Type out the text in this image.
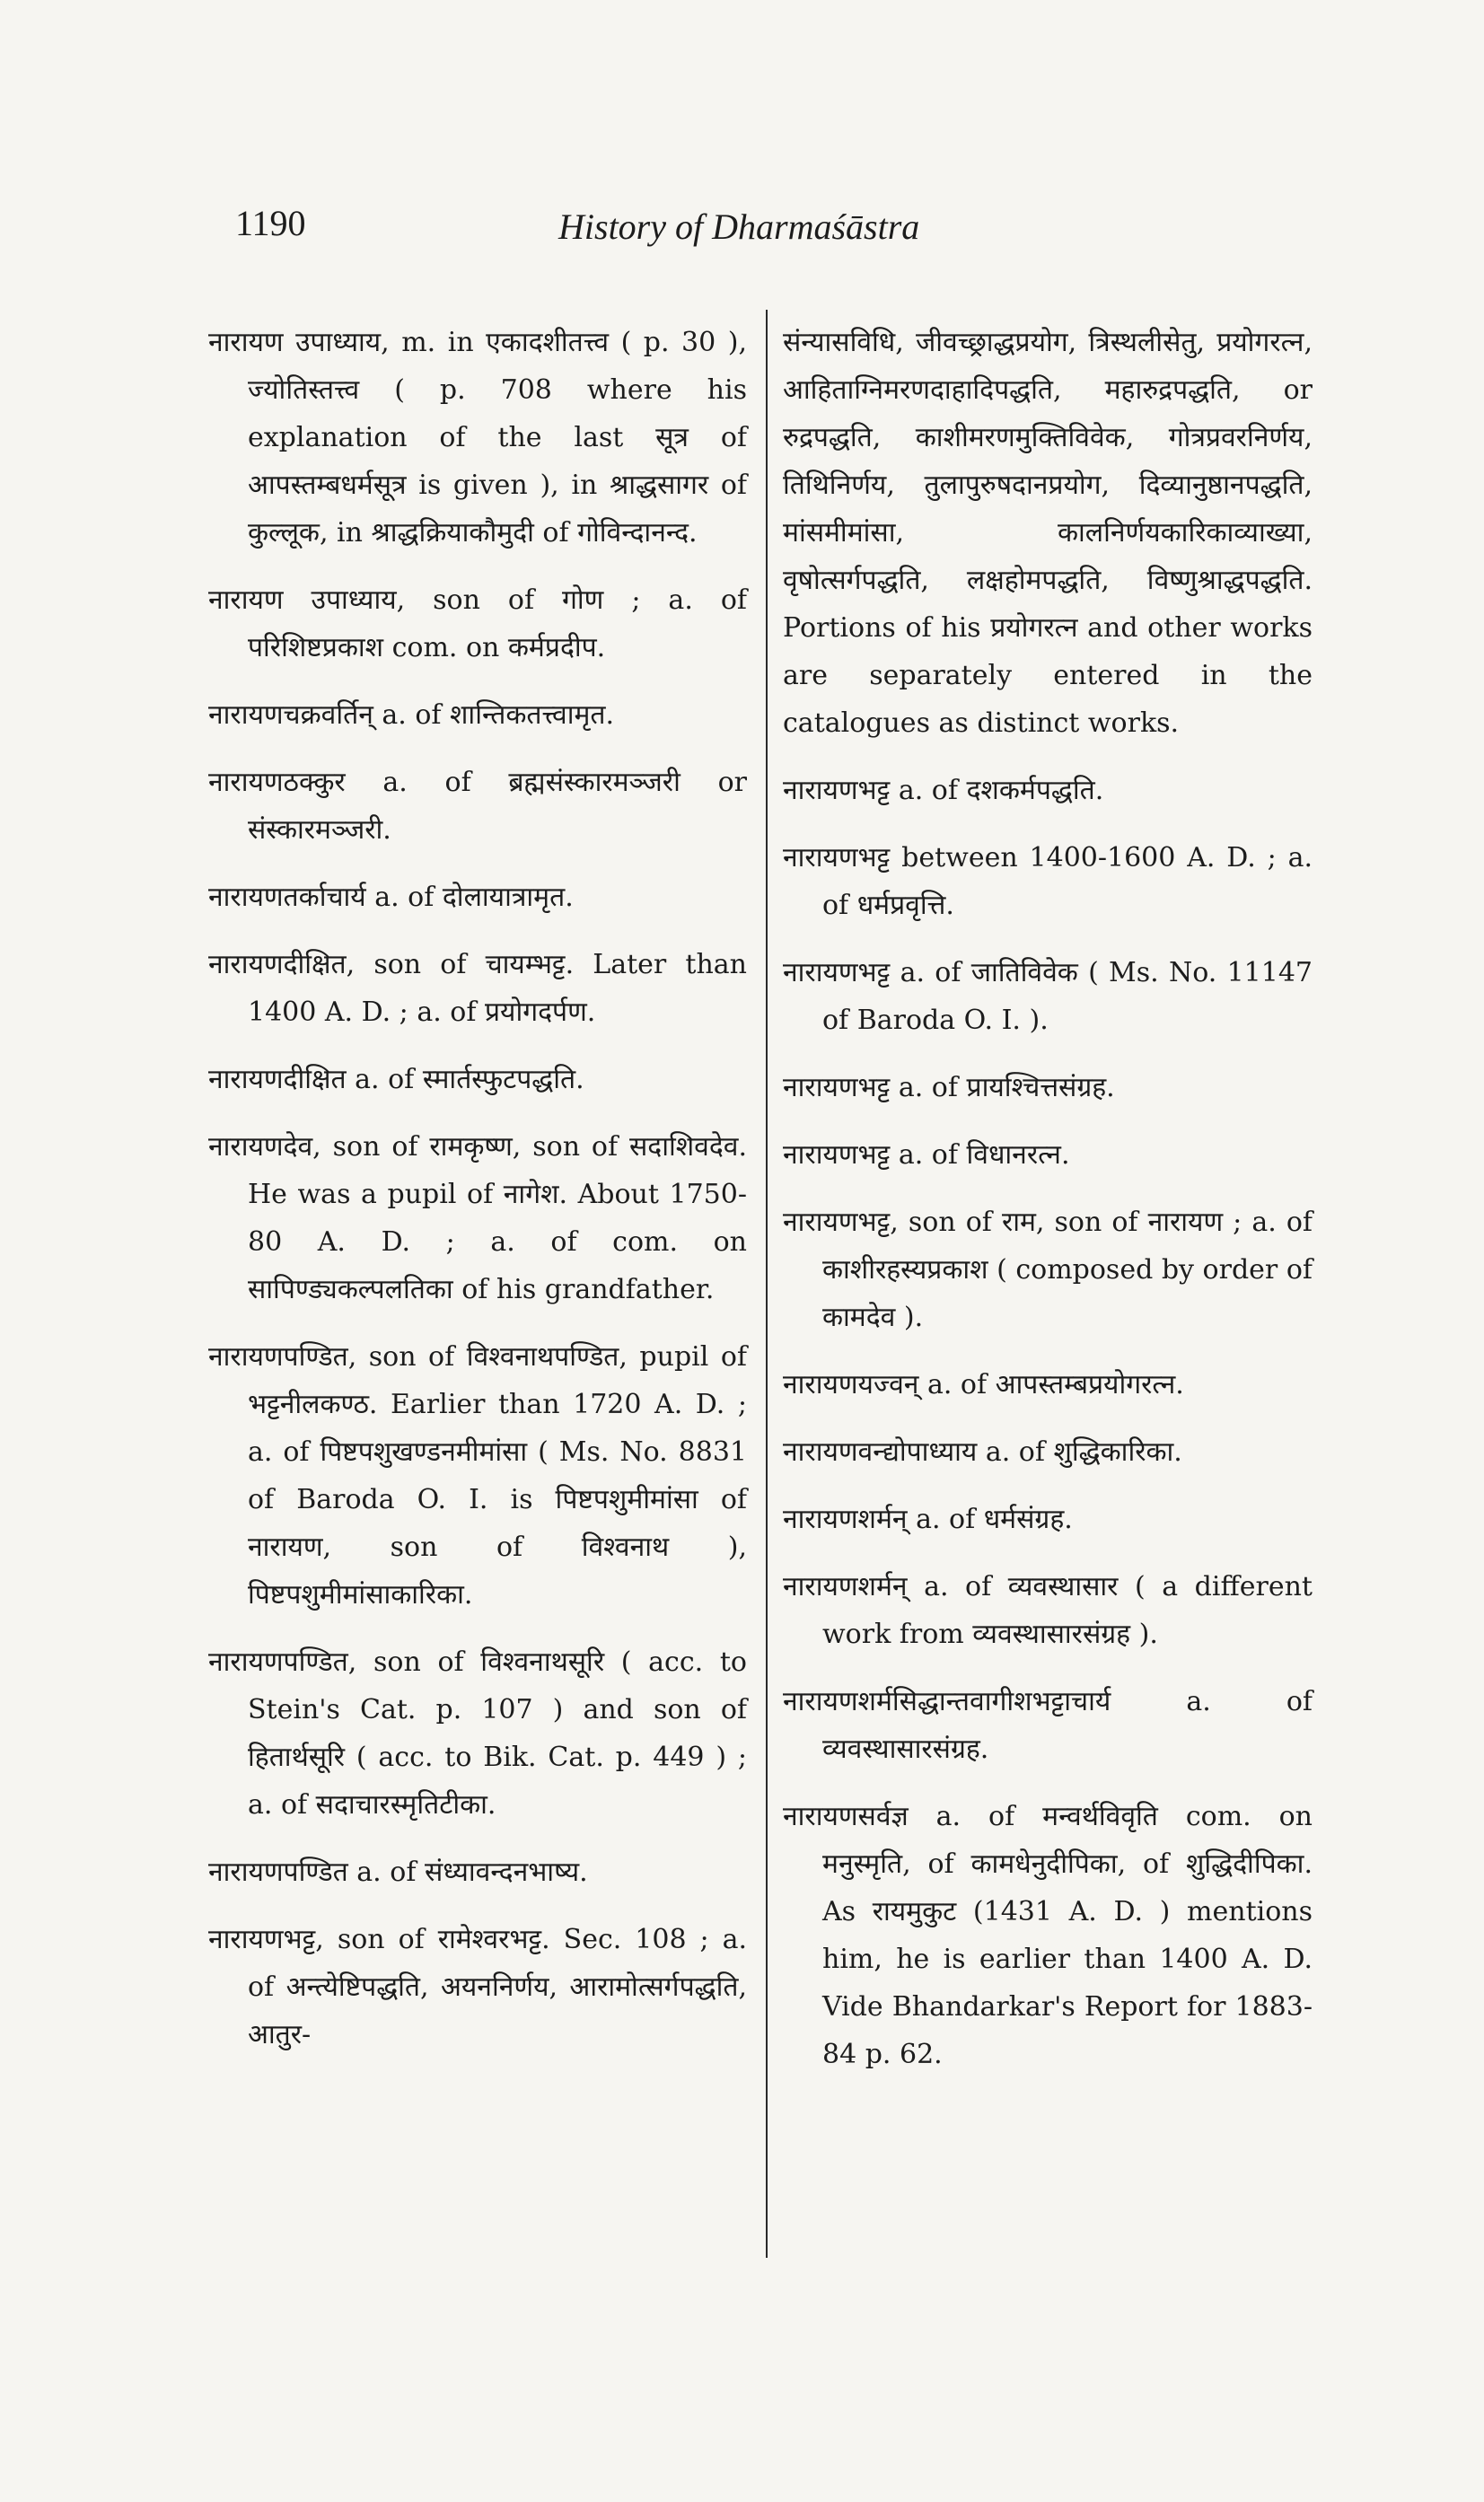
1190	History of Dharmaśāstra

नारायण उपाध्याय, m. in एकादशीतत्त्व ( p. 30 ), ज्योतिस्तत्त्व ( p. 708 where his explanation of the last सूत्र of आपस्तम्बधर्मसूत्र is given ), in श्राद्धसागर of कुल्लूक, in श्राद्धक्रियाकौमुदी of गोविन्दानन्द.

नारायण उपाध्याय, son of गोण ; a. of परिशिष्टप्रकाश com. on कर्मप्रदीप.

नारायणचक्रवर्तिन् a. of शान्तिकतत्त्वामृत.

नारायणठक्कुर a. of ब्रह्मसंस्कारमञ्जरी or संस्कारमञ्जरी.

नारायणतर्काचार्य a. of दोलायात्रामृत.

नारायणदीक्षित, son of चायम्भट्ट. Later than 1400 A. D. ; a. of प्रयोगदर्पण.

नारायणदीक्षित a. of स्मार्तस्फुटपद्धति.

नारायणदेव, son of रामकृष्ण, son of सदाशिवदेव. He was a pupil of नागेश. About 1750-80 A. D. ; a. of com. on सापिण्ड्यकल्पलतिका of his grandfather.

नारायणपण्डित, son of विश्वनाथपण्डित, pupil of भट्टनीलकण्ठ. Earlier than 1720 A. D. ; a. of पिष्टपशुखण्डनमीमांसा ( Ms. No. 8831 of Baroda O. I. is पिष्टपशुमीमांसा of नारायण, son of विश्वनाथ ), पिष्टपशुमीमांसाकारिका.

नारायणपण्डित, son of विश्वनाथसूरि ( acc. to Stein's Cat. p. 107 ) and son of हितार्थसूरि ( acc. to Bik. Cat. p. 449 ) ; a. of सदाचारस्मृतिटीका.

नारायणपण्डित a. of संध्यावन्दनभाष्य.

नारायणभट्ट, son of रामेश्वरभट्ट. Sec. 108 ; a. of अन्त्येष्टिपद्धति, अयननिर्णय, आरामोत्सर्गपद्धति, आतुर-

संन्यासविधि, जीवच्छ्राद्धप्रयोग, त्रिस्थलीसेतु, प्रयोगरत्न, आहिताग्निमरणदाहादिपद्धति, महारुद्रपद्धति, or रुद्रपद्धति, काशीमरणमुक्तिविवेक, गोत्रप्रवरनिर्णय, तिथिनिर्णय, तुलापुरुषदानप्रयोग, दिव्यानुष्ठानपद्धति, मांसमीमांसा, कालनिर्णयकारिकाव्याख्या, वृषोत्सर्गपद्धति, लक्षहोमपद्धति, विष्णुश्राद्धपद्धति. Portions of his प्रयोगरत्न and other works are separately entered in the catalogues as distinct works.

नारायणभट्ट a. of दशकर्मपद्धति.

नारायणभट्ट between 1400-1600 A. D. ; a. of धर्मप्रवृत्ति.

नारायणभट्ट a. of जातिविवेक ( Ms. No. 11147 of Baroda O. I. ).

नारायणभट्ट a. of प्रायश्चित्तसंग्रह.

नारायणभट्ट a. of विधानरत्न.

नारायणभट्ट, son of राम, son of नारायण ; a. of काशीरहस्यप्रकाश ( composed by order of कामदेव ).

नारायणयज्वन् a. of आपस्तम्बप्रयोगरत्न.

नारायणवन्द्योपाध्याय a. of शुद्धिकारिका.

नारायणशर्मन् a. of धर्मसंग्रह.

नारायणशर्मन् a. of व्यवस्थासार ( a different work from व्यवस्थासारसंग्रह ).

नारायणशर्मसिद्धान्तवागीशभट्टाचार्य a. of व्यवस्थासारसंग्रह.

नारायणसर्वज्ञ a. of मन्वर्थविवृति com. on मनुस्मृति, of कामधेनुदीपिका, of शुद्धिदीपिका. As रायमुकुट (1431 A. D. ) mentions him, he is earlier than 1400 A. D. Vide Bhandarkar's Report for 1883-84 p. 62.
